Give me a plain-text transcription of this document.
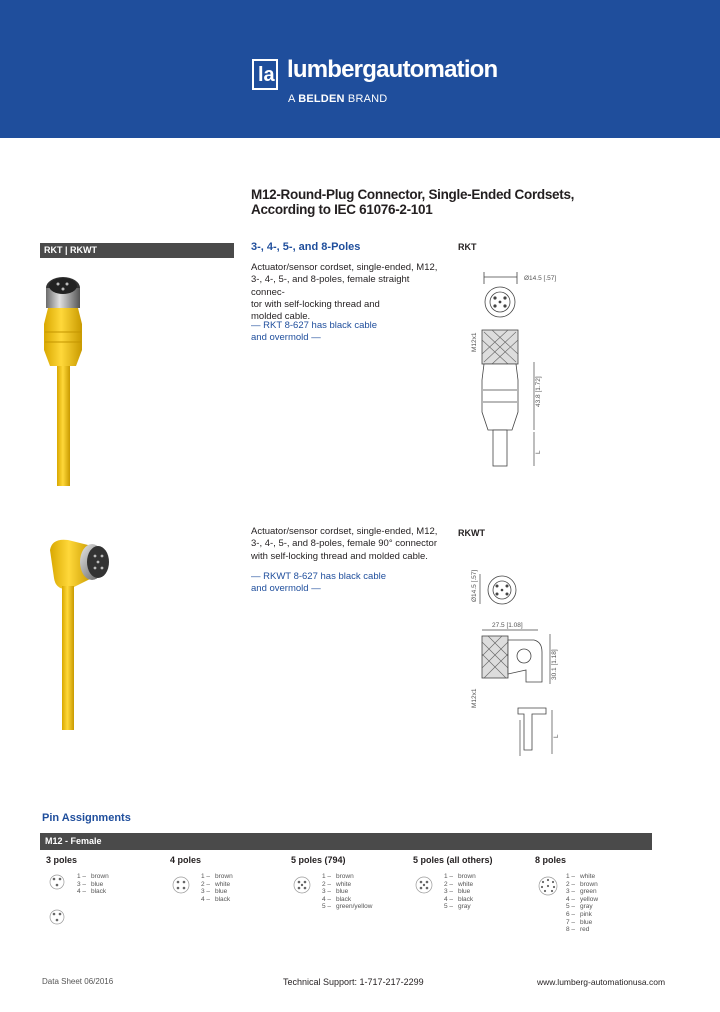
la lumbergautomation
A BELDEN BRAND
M12-Round-Plug Connector, Single-Ended Cordsets,
According to IEC 61076-2-101
RKT | RKWT	3-, 4-, 5-, and 8-Poles
Actuator/sensor cordset, single-ended, M12,
3-, 4-, 5-, and 8-poles, female straight connec-
tor with self-locking thread and
molded cable.
— RKT 8-627 has black cable
and overmold —
RKT
Ø14.5 [.57]
M12x1
43.8 [1.72]
L
Actuator/sensor cordset, single-ended, M12,
3-, 4-, 5-, and 8-poles, female 90° connector
with self-locking thread and molded cable.
— RKWT 8-627 has black cable
and overmold —
RKWT
Ø14.5 [.57]
27.5 [1.08]
30.1 [1.18]
M12x1
L
Pin Assignments
M12 - Female
3 poles
1 – brown
3 – blue
4 – black
4 poles
1 – brown
2 – white
3 – blue
4 – black
5 poles (794)
1 – brown
2 – white
3 – blue
4 – black
5 – green/yellow
5 poles (all others)
1 – brown
2 – white
3 – blue
4 – black
5 – gray
8 poles
1 – white
2 – brown
3 – green
4 – yellow
5 – gray
6 – pink
7 – blue
8 – red
Data Sheet 06/2016	Technical Support: 1-717-217-2299	www.lumberg-automationusa.com
